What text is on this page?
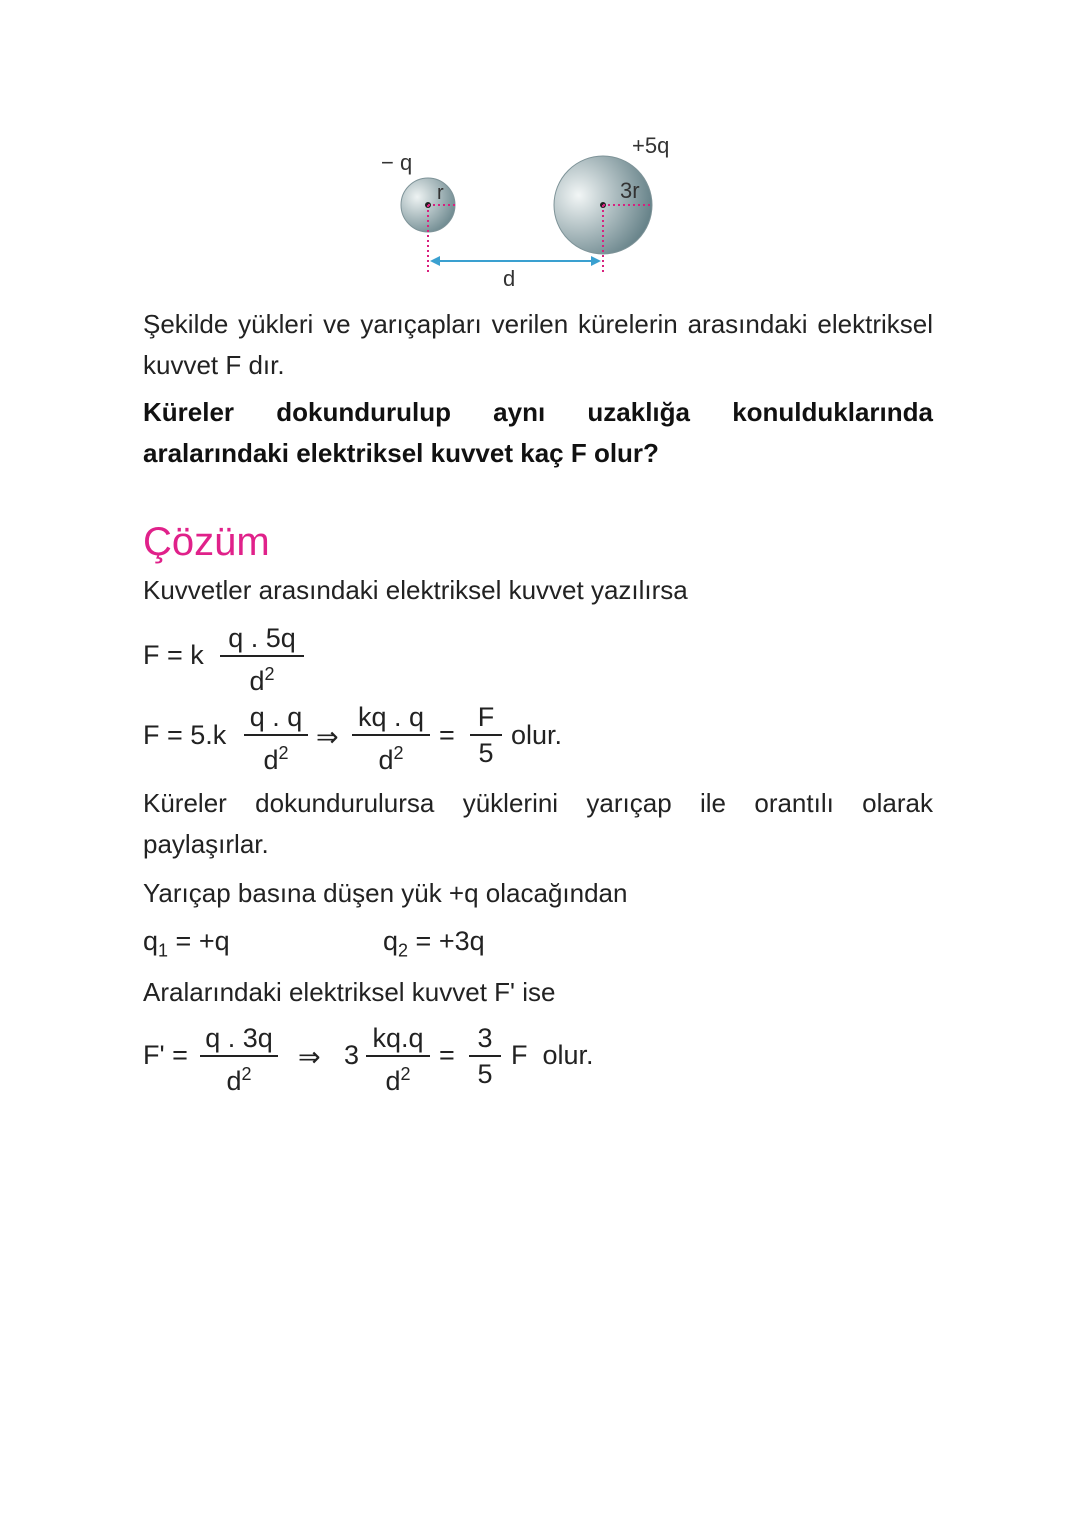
− q
r
+5q
3r
d
Şekilde yükleri ve yarıçapları verilen kürelerin arasındaki elektriksel kuvvet F dır.
Küreler dokundurulup aynı uzaklığa konulduklarında aralarındaki elektriksel kuvvet kaç F olur?
Çözüm
Kuvvetler arasındaki elektriksel kuvvet yazılırsa
F = k $\frac{q . 5q}{d^2}$
$F = 5.k \frac{q . q}{d^2}$ ⇒ $\frac{kq . q}{d^2} = \frac{F}{5}$ olur.
Küreler dokundurulursa yüklerini yarıçap ile orantılı olarak paylaşırlar.
Yarıçap basına düşen yük +q olacağından
$q_1 = +q$	$q_2 = +3q$
Aralarındaki elektriksel kuvvet F' ise
$F' = \frac{q . 3q}{d^2}$ ⇒ $3 \frac{kq.q}{d^2} = \frac{3}{5}$ F  olur.
